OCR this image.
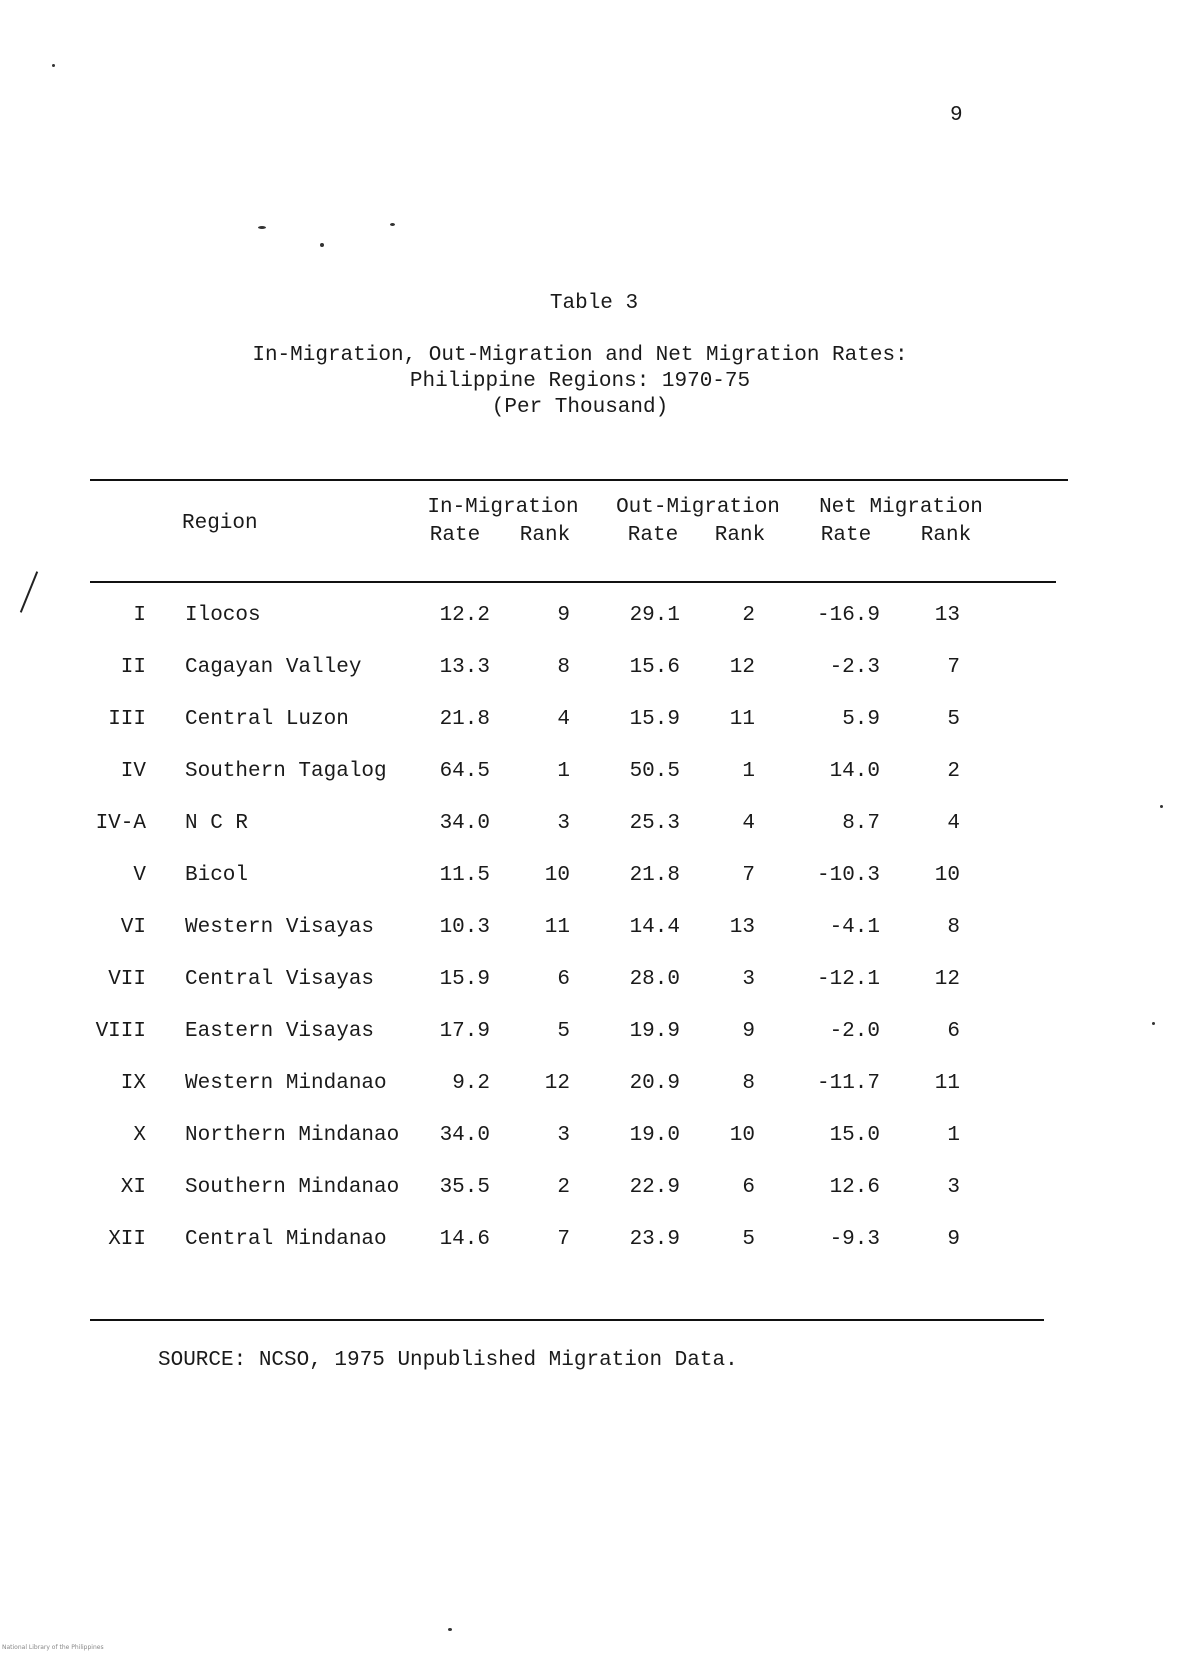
9
Table 3
In-Migration, Out-Migration and Net Migration Rates:
Philippine Regions: 1970-75
(Per Thousand)
Region
In-Migration
Rate	Rank
Out-Migration
Rate	Rank
Net Migration
Rate	Rank
I Ilocos	12.2	9	29.1	2	-16.9	13
II Cagayan Valley	13.3	8	15.6	12	-2.3	7
III Central Luzon	21.8	4	15.9	11	5.9	5
IV Southern Tagalog	64.5	1	50.5	1	14.0	2
IV-A N C R	34.0	3	25.3	4	8.7	4
V Bicol	11.5	10	21.8	7	-10.3	10
VI Western Visayas	10.3	11	14.4	13	-4.1	8
VII Central Visayas	15.9	6	28.0	3	-12.1	12
VIII Eastern Visayas	17.9	5	19.9	9	-2.0	6
IX Western Mindanao	9.2	12	20.9	8	-11.7	11
X Northern Mindanao	34.0	3	19.0	10	15.0	1
XI Southern Mindanao	35.5	2	22.9	6	12.6	3
XII Central Mindanao	14.6	7	23.9	5	-9.3	9
SOURCE: NCSO, 1975 Unpublished Migration Data.
National Library of the Philippines
